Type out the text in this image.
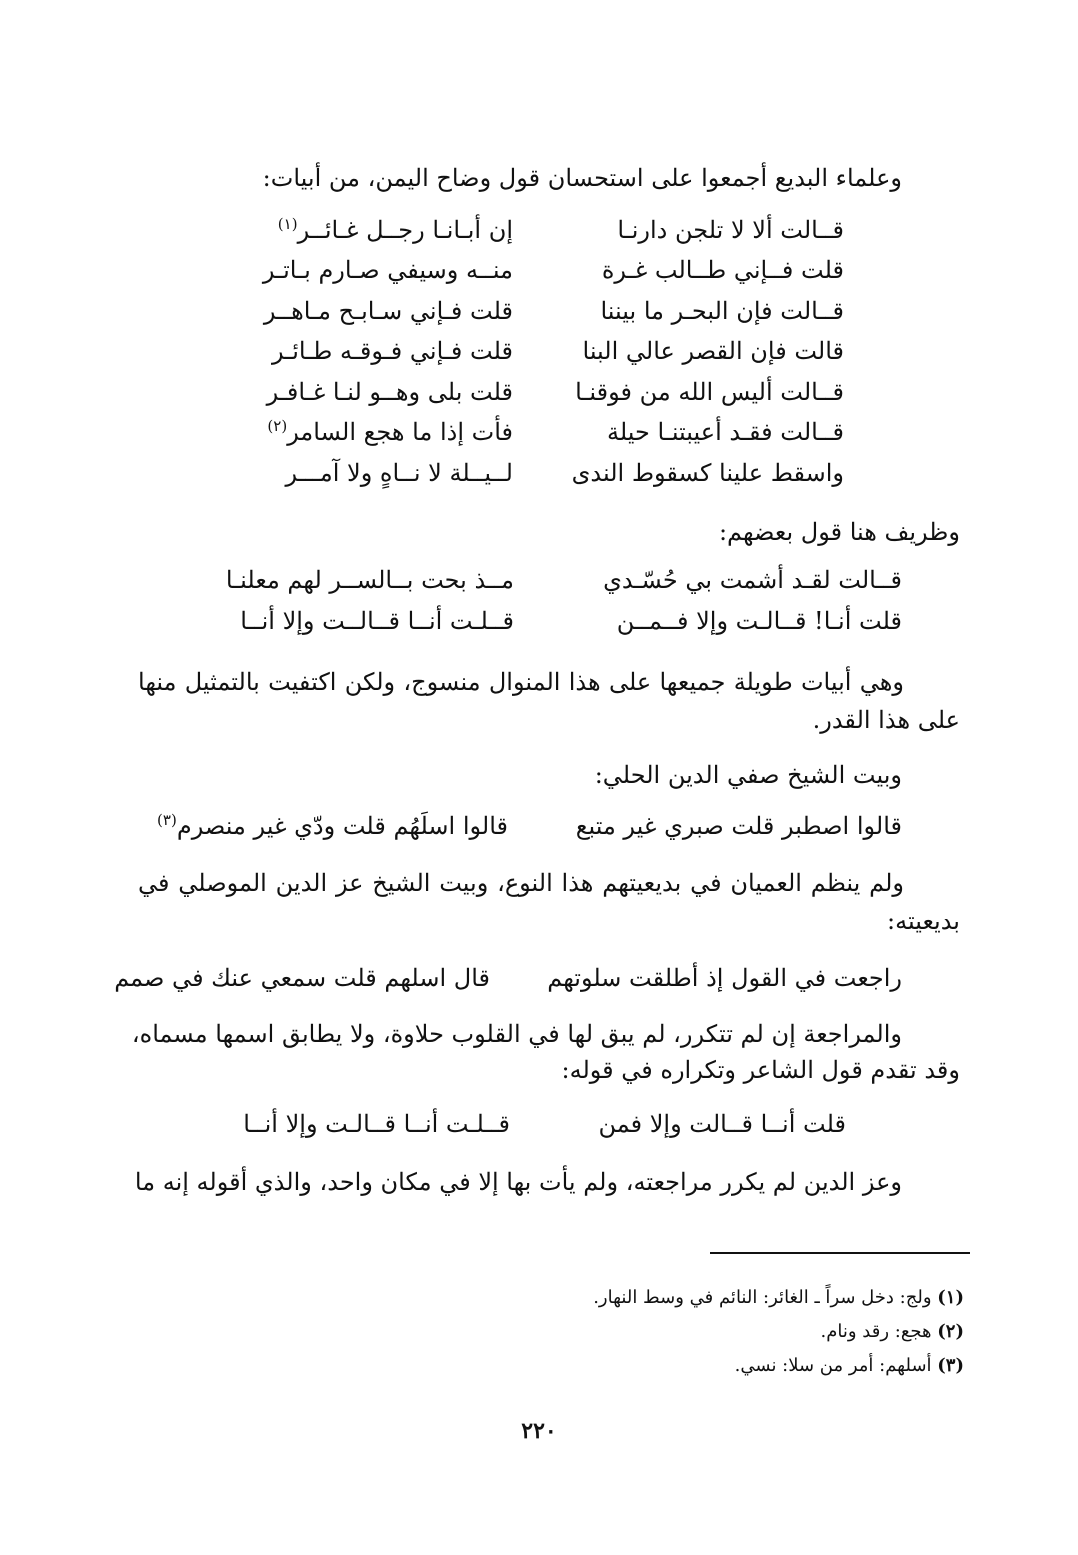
وعلماء البديع أجمعوا على استحسان قول وضاح اليمن، من أبيات:
قــالت ألا لا تلجن دارنـا
إن أبـانـا رجــل غـائــر$^{(١)}$
قلت فــإني طــالب غـرة
منــه وسيفي صـارم بـاتـر
قــالت فإن البحـر ما بيننا
قلت فـإني سـابـح مـاهــر
قالت فإن القصر عالي البنا
قلت فـإني فـوقـه طـائـر
قــالت أليس الله من فوقنـا
قلت بلى وهــو لنـا غـافـر
قــالت فقـد أعيبتنـا حيلة
فأت إذا ما هجع السامر$^{(٢)}$
واسقط علينا كسقوط الندى
لــيــلة لا نــاهٍ ولا آمـــر
وظريف هنا قول بعضهم:
قــالت لقـد أشمت بي حُسّـدي
مــذ بحت بــالســر لهم معلنـا
قلت أنـا! قــالـت وإلا فــمــن
قــلـت أنــا قــالــت وإلا أنــا
وهي أبيات طويلة جميعها على هذا المنوال منسوج، ولكن اكتفيت بالتمثيل منها على هذا القدر.
وبيت الشيخ صفي الدين الحلي:
قالوا اصطبر قلت صبري غير متبع
قالوا اسلَهُم قلت ودّي غير منصرم$^{(٣)}$
ولم ينظم العميان في بديعيتهم هذا النوع، وبيت الشيخ عز الدين الموصلي في بديعيته:
راجعت في القول إذ أطلقت سلوتهم
قال اسلهم قلت سمعي عنك في صمم
والمراجعة إن لم تتكرر، لم يبق لها في القلوب حلاوة، ولا يطابق اسمها مسماه،
وقد تقدم قول الشاعر وتكراره في قوله:
قلت أنــا قــالت وإلا فمن
قــلـت أنــا قــالـت وإلا أنــا
وعز الدين لم يكرر مراجعته، ولم يأت بها إلا في مكان واحد، والذي أقوله إنه ما
(١) ولج: دخل سراً ـ الغائر: النائم في وسط النهار.
(٢) هجع: رقد ونام.
(٣) أسلهم: أمر من سلا: نسي.
٢٢٠
